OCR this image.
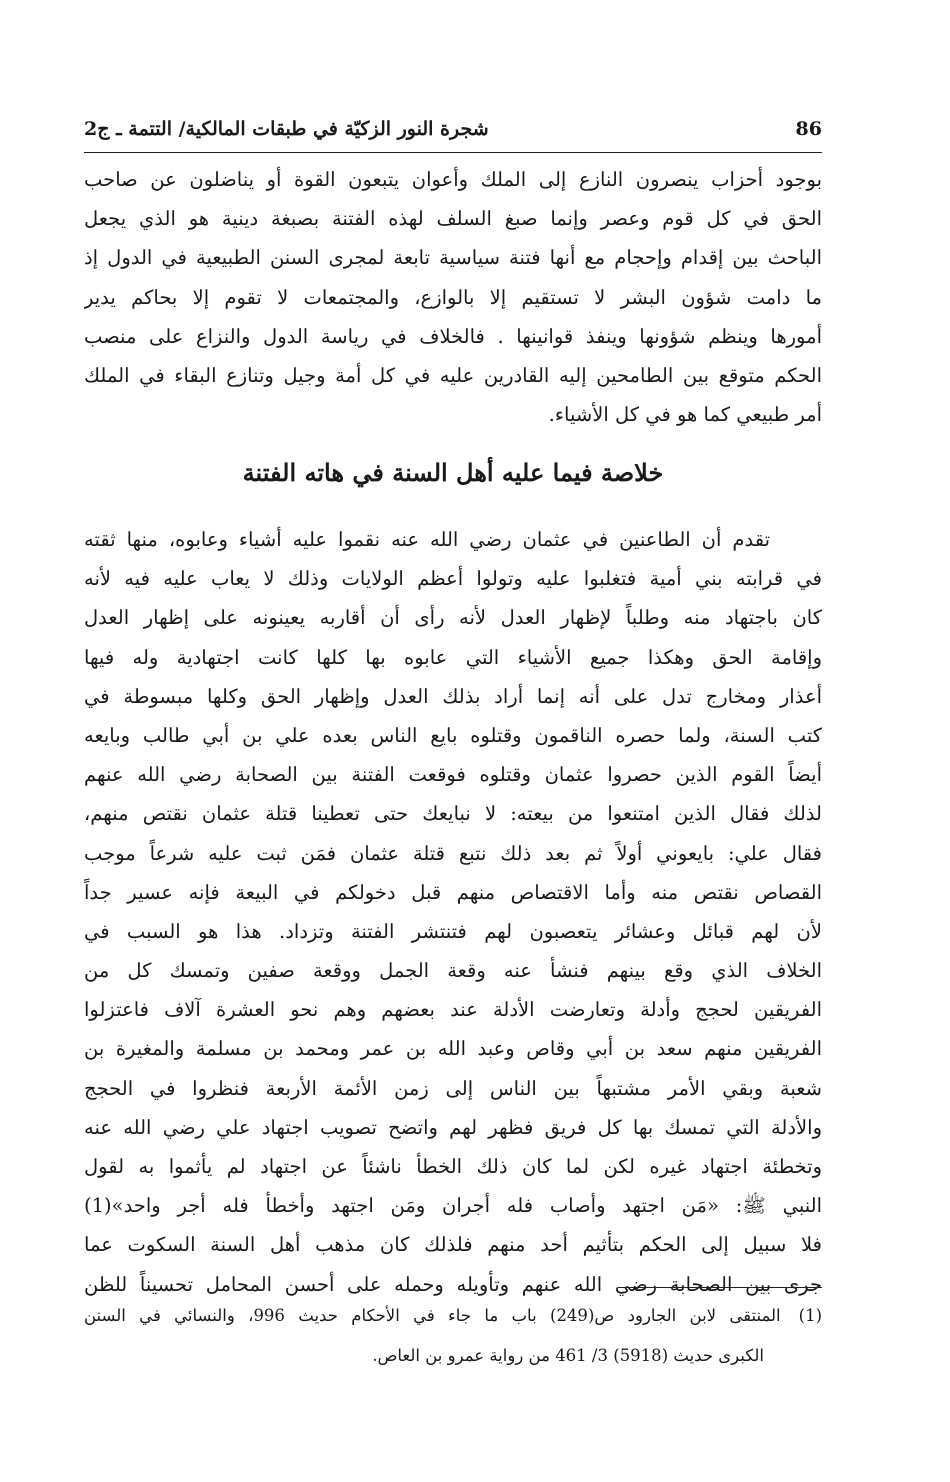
شجرة النور الزكيّة في طبقات المالكية/ التتمة ـ ج2	86
بوجود أحزاب ينصرون النازع إلى الملك وأعوان يتبعون القوة أو يناضلون عن صاحب
الحق في كل قوم وعصر وإنما صبغ السلف لهذه الفتنة بصبغة دينية هو الذي يجعل
الباحث بين إقدام وإحجام مع أنها فتنة سياسية تابعة لمجرى السنن الطبيعية في الدول إذ
ما دامت شؤون البشر لا تستقيم إلا بالوازع، والمجتمعات لا تقوم إلا بحاكم يدير
أمورها وينظم شؤونها وينفذ قوانينها . فالخلاف في رياسة الدول والنزاع على منصب
الحكم متوقع بين الطامحين إليه القادرين عليه في كل أمة وجيل وتنازع البقاء في الملك
أمر طبيعي كما هو في كل الأشياء.
خلاصة فيما عليه أهل السنة في هاته الفتنة
تقدم أن الطاعنين في عثمان رضي الله عنه نقموا عليه أشياء وعابوه، منها ثقته
في قرابته بني أمية فتغلبوا عليه وتولوا أعظم الولايات وذلك لا يعاب عليه فيه لأنه
كان باجتهاد منه وطلباً لإظهار العدل لأنه رأى أن أقاربه يعينونه على إظهار العدل
وإقامة الحق وهكذا جميع الأشياء التي عابوه بها كلها كانت اجتهادية وله فيها
أعذار ومخارج تدل على أنه إنما أراد بذلك العدل وإظهار الحق وكلها مبسوطة في
كتب السنة، ولما حصره الناقمون وقتلوه بايع الناس بعده علي بن أبي طالب وبايعه
أيضاً القوم الذين حصروا عثمان وقتلوه فوقعت الفتنة بين الصحابة رضي الله عنهم
لذلك فقال الذين امتنعوا من بيعته: لا نبايعك حتى تعطينا قتلة عثمان نقتص منهم،
فقال علي: بايعوني أولاً ثم بعد ذلك نتبع قتلة عثمان فمَن ثبت عليه شرعاً موجب
القصاص نقتص منه وأما الاقتصاص منهم قبل دخولكم في البيعة فإنه عسير جداً
لأن لهم قبائل وعشائر يتعصبون لهم فتنتشر الفتنة وتزداد. هذا هو السبب في
الخلاف الذي وقع بينهم فنشأ عنه وقعة الجمل ووقعة صفين وتمسك كل من
الفريقين لحجج وأدلة وتعارضت الأدلة عند بعضهم وهم نحو العشرة آلاف فاعتزلوا
الفريقين منهم سعد بن أبي وقاص وعبد الله بن عمر ومحمد بن مسلمة والمغيرة بن
شعبة وبقي الأمر مشتبهاً بين الناس إلى زمن الأئمة الأربعة فنظروا في الحجج
والأدلة التي تمسك بها كل فريق فظهر لهم واتضح تصويب اجتهاد علي رضي الله عنه
وتخطئة اجتهاد غيره لكن لما كان ذلك الخطأ ناشئاً عن اجتهاد لم يأثموا به لقول
النبي ﷺ: «مَن اجتهد وأصاب فله أجران ومَن اجتهد وأخطأ فله أجر واحد»(1)
فلا سبيل إلى الحكم بتأثيم أحد منهم فلذلك كان مذهب أهل السنة السكوت عما
جرى بين الصحابة رضي الله عنهم وتأويله وحمله على أحسن المحامل تحسيناً للظن
(1)المنتقى لابن الجارود ص(249) باب ما جاء في الأحكام حديث 996، والنسائي في السنن
الكبرى حديث (5918) 3/ 461 من رواية عمرو بن العاص.
